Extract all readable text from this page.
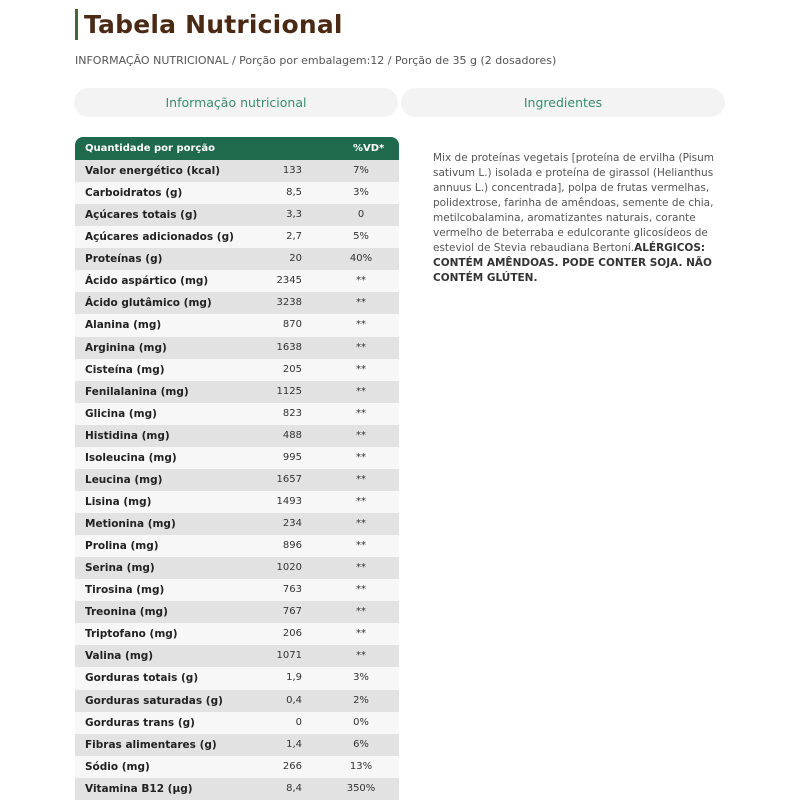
Tabela Nutricional
INFORMAÇÃO NUTRICIONAL / Porção por embalagem:12 / Porção de 35 g (2 dosadores)
Informação nutricional	Ingredientes
Quantidade por porção	%VD*
Valor energético (kcal)	133	7%
Carboidratos (g)	8,5	3%
Açúcares totais (g)	3,3	0
Açúcares adicionados (g)	2,7	5%
Proteínas (g)	20	40%
Ácido aspártico (mg)	2345	**
Ácido glutâmico (mg)	3238	**
Alanina (mg)	870	**
Arginina (mg)	1638	**
Cisteína (mg)	205	**
Fenilalanina (mg)	1125	**
Glicina (mg)	823	**
Histidina (mg)	488	**
Isoleucina (mg)	995	**
Leucina (mg)	1657	**
Lisina (mg)	1493	**
Metionina (mg)	234	**
Prolina (mg)	896	**
Serina (mg)	1020	**
Tirosina (mg)	763	**
Treonina (mg)	767	**
Triptofano (mg)	206	**
Valina (mg)	1071	**
Gorduras totais (g)	1,9	3%
Gorduras saturadas (g)	0,4	2%
Gorduras trans (g)	0	0%
Fibras alimentares (g)	1,4	6%
Sódio (mg)	266	13%
Vitamina B12 (µg)	8,4	350%
Mix de proteínas vegetais [proteína de ervilha (Pisum sativum L.) isolada e proteína de girassol (Helianthus annuus L.) concentrada], polpa de frutas vermelhas, polidextrose, farinha de amêndoas, semente de chia, metilcobalamina, aromatizantes naturais, corante vermelho de beterraba e edulcorante glicosídeos de esteviol de Stevia rebaudiana Bertoni.ALÉRGICOS: CONTÉM AMÊNDOAS. PODE CONTER SOJA. NÃO CONTÉM GLÚTEN.
